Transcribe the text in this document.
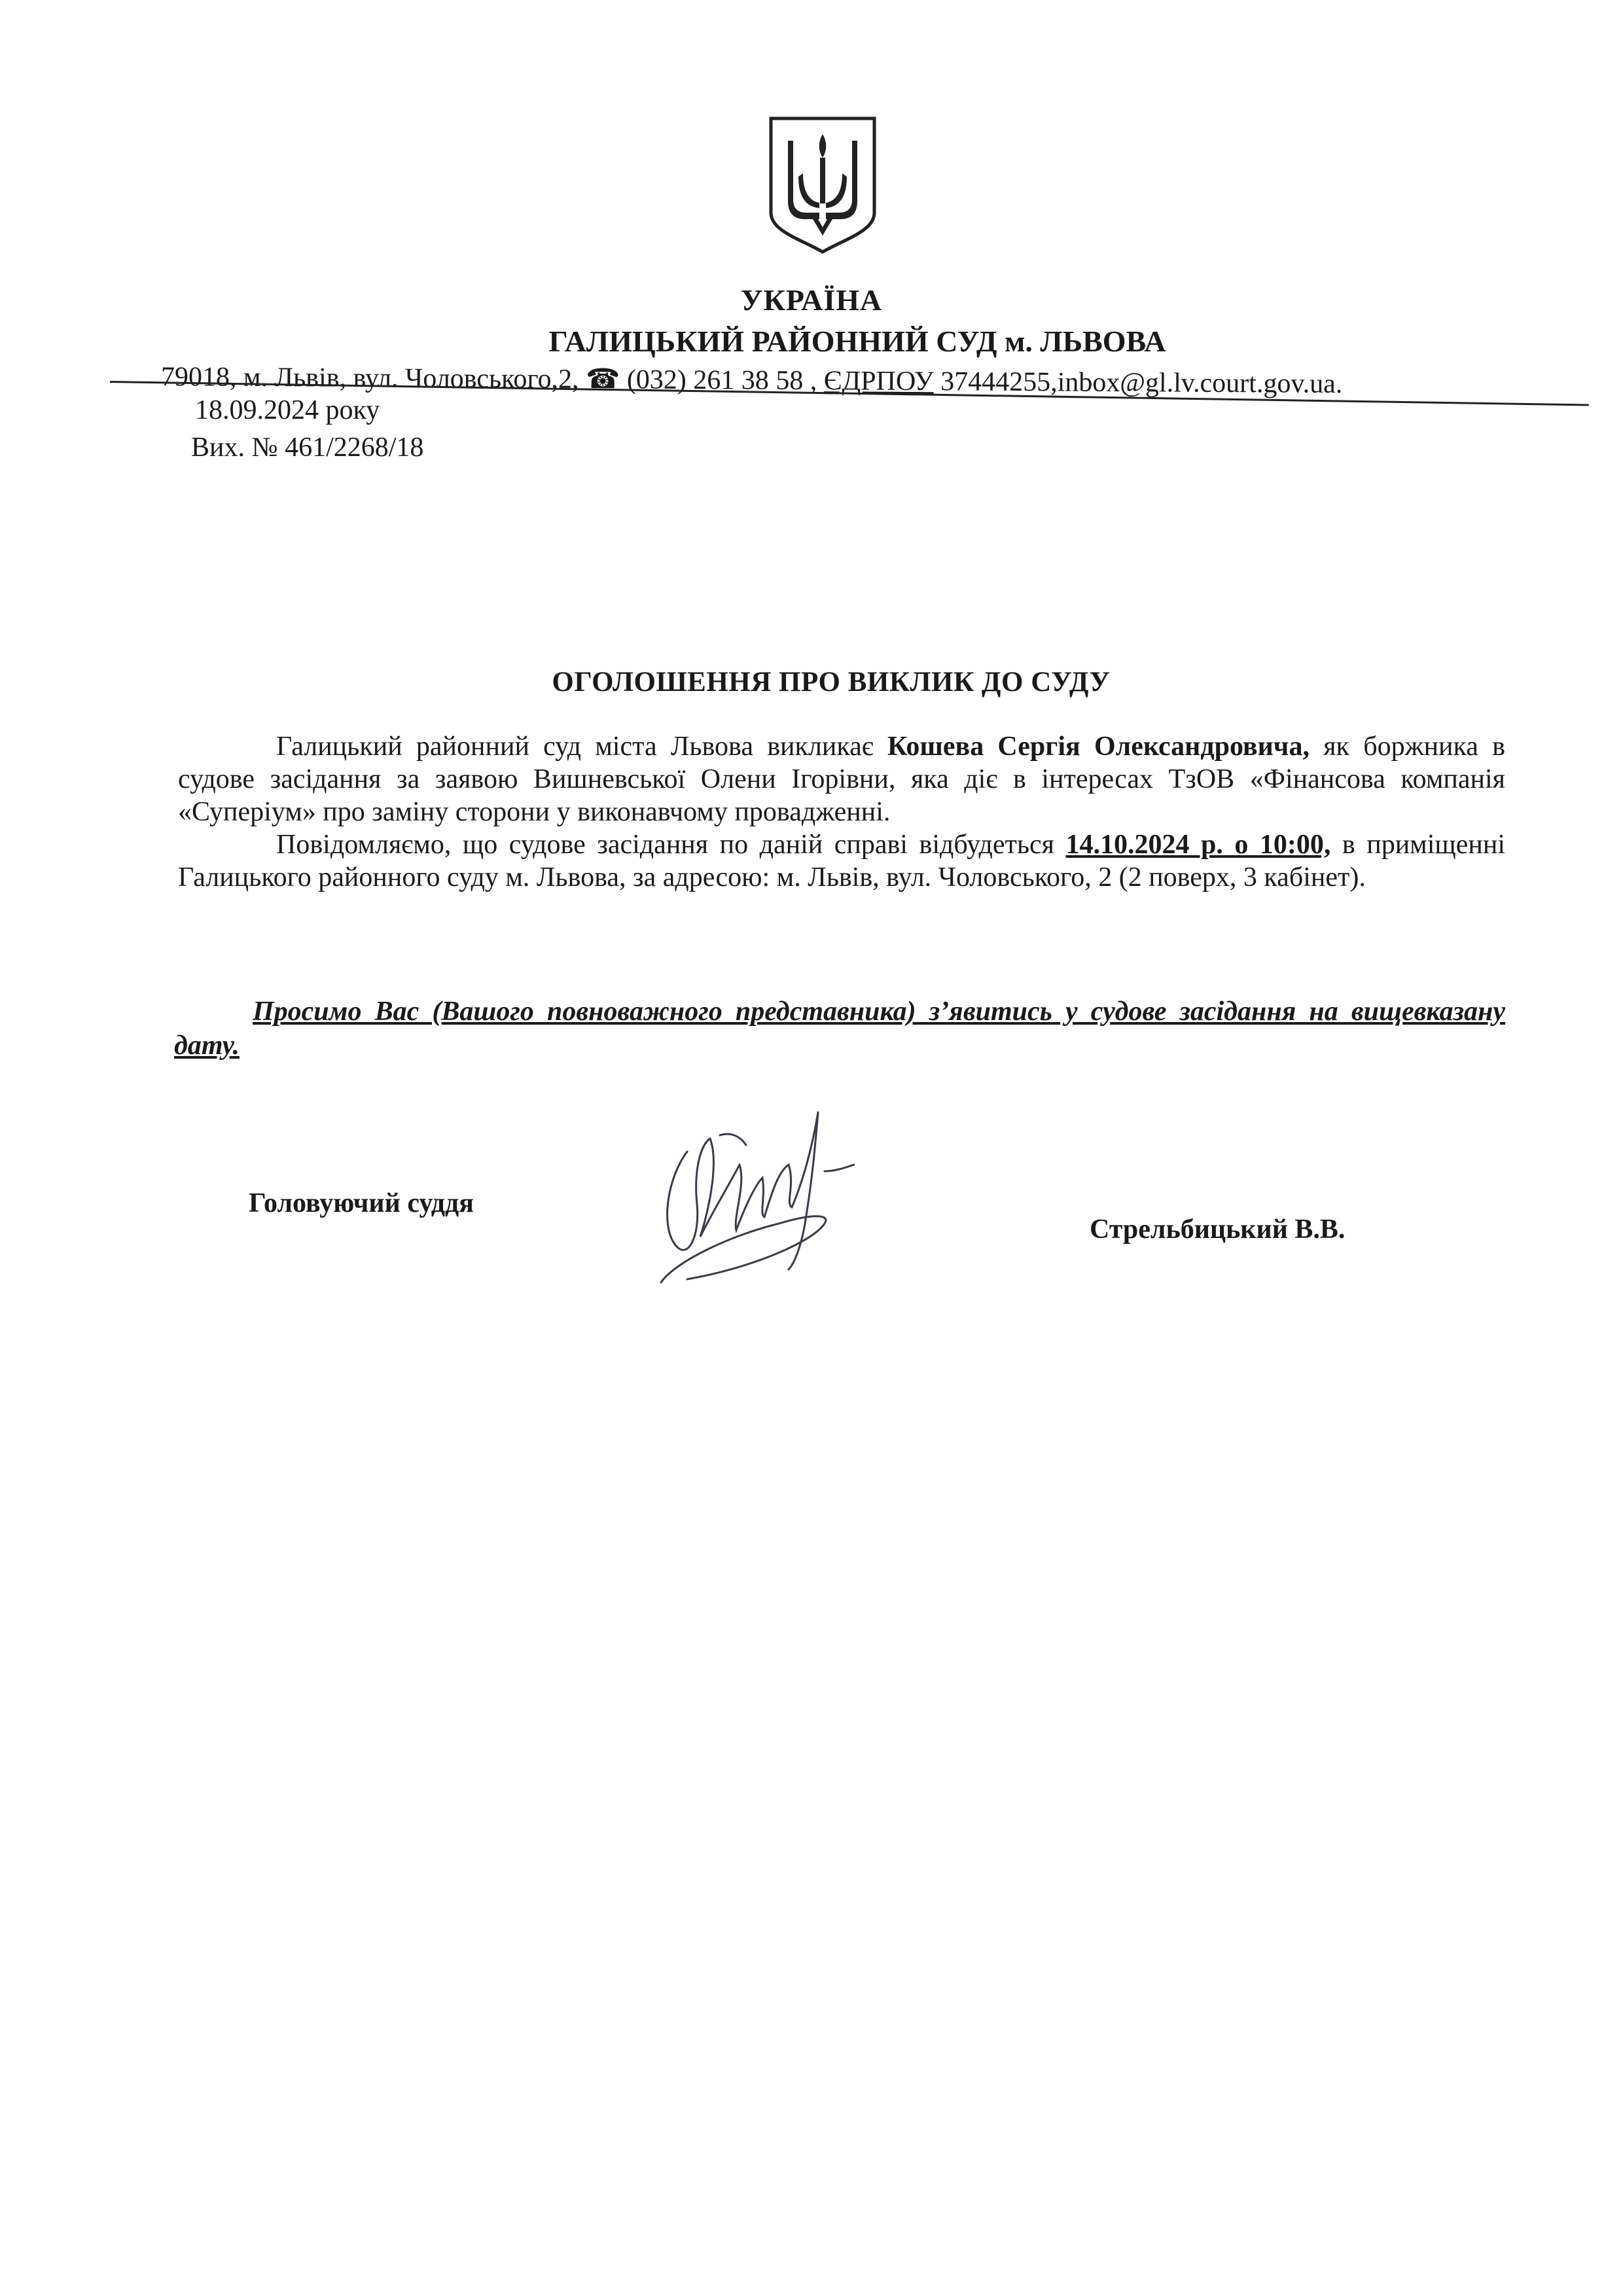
УКРАЇНА
ГАЛИЦЬКИЙ РАЙОННИЙ СУД м. ЛЬВОВА
79018, м. Львів, вул. Чоловського,2, ☎ (032) 261 38 58 , ЄДРПОУ 37444255,inbox@gl.lv.court.gov.ua.
18.09.2024 року
Вих. № 461/2268/18
ОГОЛОШЕННЯ ПРО ВИКЛИК ДО СУДУ

Галицький районний суд міста Львова викликає Кошева Сергія Олександровича, як боржника в судове засідання за заявою Вишневської Олени Ігорівни, яка діє в інтересах ТзОВ «Фінансова компанія «Суперіум» про заміну сторони у виконавчому провадженні.

Повідомляємо, що судове засідання по даній справі відбудеться 14.10.2024 р. о 10:00, в приміщенні Галицького районного суду м. Львова, за адресою: м. Львів, вул. Чоловського, 2 (2 поверх, 3 кабінет).

Просимо Вас (Вашого повноважного представника) з’явитись у судове засідання на вищевказану дату.
Головуючий суддя
Стрельбицький В.В.
